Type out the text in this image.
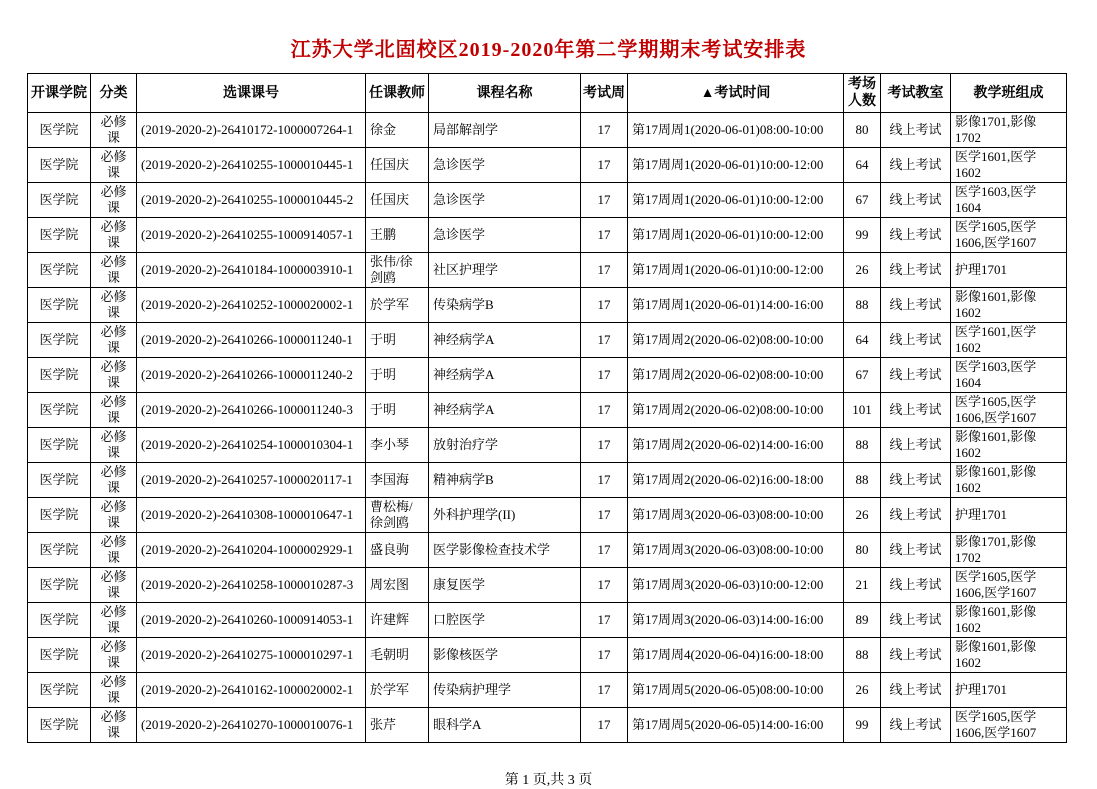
江苏大学北固校区2019-2020年第二学期期末考试安排表
开课学院	分类	选课课号	任课教师	课程名称	考试周	▲考试时间	考场人数	考试教室	教学班组成
医学院	必修课	(2019-2020-2)-26410172-1000007264-1	徐金	局部解剖学	17	第17周周1(2020-06-01)08:00-10:00	80	线上考试	影像1701,影像1702
医学院	必修课	(2019-2020-2)-26410255-1000010445-1	任国庆	急诊医学	17	第17周周1(2020-06-01)10:00-12:00	64	线上考试	医学1601,医学1602
医学院	必修课	(2019-2020-2)-26410255-1000010445-2	任国庆	急诊医学	17	第17周周1(2020-06-01)10:00-12:00	67	线上考试	医学1603,医学1604
医学院	必修课	(2019-2020-2)-26410255-1000914057-1	王鹏	急诊医学	17	第17周周1(2020-06-01)10:00-12:00	99	线上考试	医学1605,医学1606,医学1607
医学院	必修课	(2019-2020-2)-26410184-1000003910-1	张伟/徐剑鸥	社区护理学	17	第17周周1(2020-06-01)10:00-12:00	26	线上考试	护理1701
医学院	必修课	(2019-2020-2)-26410252-1000020002-1	於学军	传染病学B	17	第17周周1(2020-06-01)14:00-16:00	88	线上考试	影像1601,影像1602
医学院	必修课	(2019-2020-2)-26410266-1000011240-1	于明	神经病学A	17	第17周周2(2020-06-02)08:00-10:00	64	线上考试	医学1601,医学1602
医学院	必修课	(2019-2020-2)-26410266-1000011240-2	于明	神经病学A	17	第17周周2(2020-06-02)08:00-10:00	67	线上考试	医学1603,医学1604
医学院	必修课	(2019-2020-2)-26410266-1000011240-3	于明	神经病学A	17	第17周周2(2020-06-02)08:00-10:00	101	线上考试	医学1605,医学1606,医学1607
医学院	必修课	(2019-2020-2)-26410254-1000010304-1	李小琴	放射治疗学	17	第17周周2(2020-06-02)14:00-16:00	88	线上考试	影像1601,影像1602
医学院	必修课	(2019-2020-2)-26410257-1000020117-1	李国海	精神病学B	17	第17周周2(2020-06-02)16:00-18:00	88	线上考试	影像1601,影像1602
医学院	必修课	(2019-2020-2)-26410308-1000010647-1	曹松梅/徐剑鸥	外科护理学(II)	17	第17周周3(2020-06-03)08:00-10:00	26	线上考试	护理1701
医学院	必修课	(2019-2020-2)-26410204-1000002929-1	盛良驹	医学影像检查技术学	17	第17周周3(2020-06-03)08:00-10:00	80	线上考试	影像1701,影像1702
医学院	必修课	(2019-2020-2)-26410258-1000010287-3	周宏图	康复医学	17	第17周周3(2020-06-03)10:00-12:00	21	线上考试	医学1605,医学1606,医学1607
医学院	必修课	(2019-2020-2)-26410260-1000914053-1	许建辉	口腔医学	17	第17周周3(2020-06-03)14:00-16:00	89	线上考试	影像1601,影像1602
医学院	必修课	(2019-2020-2)-26410275-1000010297-1	毛朝明	影像核医学	17	第17周周4(2020-06-04)16:00-18:00	88	线上考试	影像1601,影像1602
医学院	必修课	(2019-2020-2)-26410162-1000020002-1	於学军	传染病护理学	17	第17周周5(2020-06-05)08:00-10:00	26	线上考试	护理1701
医学院	必修课	(2019-2020-2)-26410270-1000010076-1	张芹	眼科学A	17	第17周周5(2020-06-05)14:00-16:00	99	线上考试	医学1605,医学1606,医学1607
第 1 页,共 3 页
